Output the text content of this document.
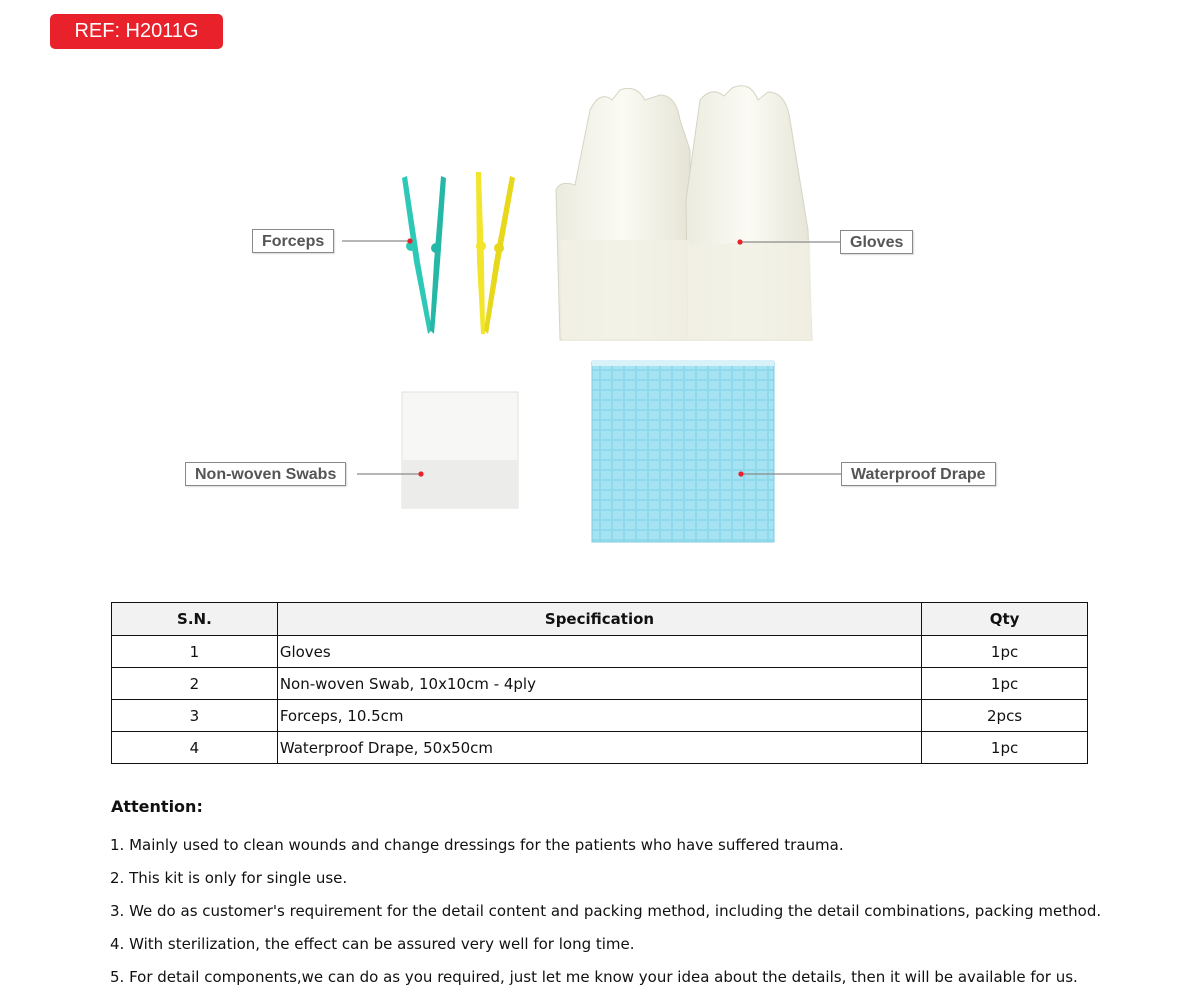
REF: H2011G
Forceps	Gloves
Non-woven Swabs	Waterproof Drape
S.N.	Specification	Qty
1	Gloves	1pc
2	Non-woven Swab, 10x10cm - 4ply	1pc
3	Forceps, 10.5cm	2pcs
4	Waterproof Drape, 50x50cm	1pc
Attention:
1. Mainly used to clean wounds and change dressings for the patients who have suffered trauma.
2. This kit is only for single use.
3. We do as customer's requirement for the detail content and packing method, including the detail combinations, packing method.
4. With sterilization, the effect can be assured very well for long time.
5. For detail components,we can do as you required, just let me know your idea about the details, then it will be available for us.
